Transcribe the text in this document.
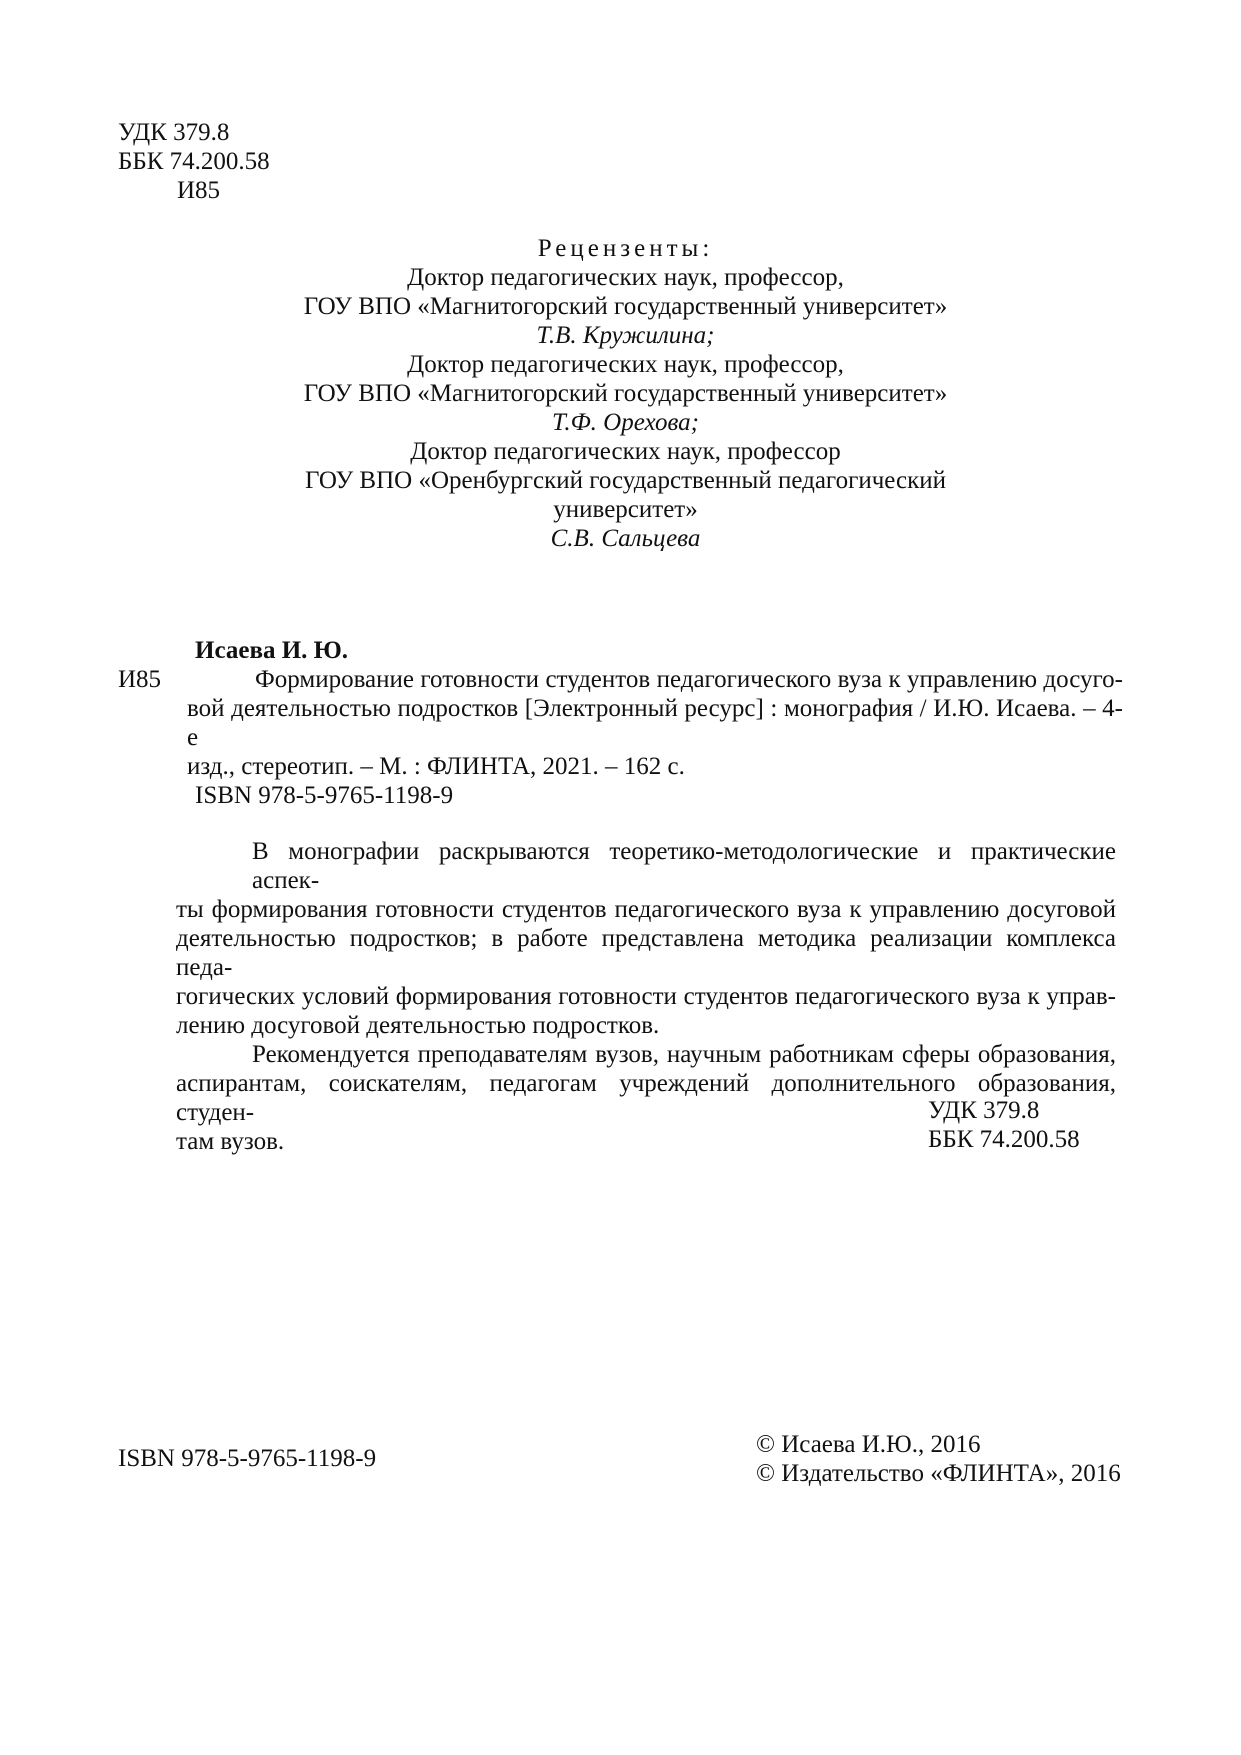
УДК 379.8
ББК 74.200.58
И85
Рецензенты:
Доктор педагогических наук, профессор,
ГОУ ВПО «Магнитогорский государственный университет»
Т.В. Кружилина;
Доктор педагогических наук, профессор,
ГОУ ВПО «Магнитогорский государственный университет»
Т.Ф. Орехова;
Доктор педагогических наук, профессор
ГОУ ВПО «Оренбургский государственный педагогический
университет»
С.В. Сальцева
Исаева И. Ю.
И85	Формирование готовности студентов педагогического вуза к управлению досуго-
вой деятельностью подростков [Электронный ресурс] : монография / И.Ю. Исаева. – 4-е
изд., стереотип. – М. : ФЛИНТА, 2021. – 162 с.
ISBN 978-5-9765-1198-9
В монографии раскрываются теоретико-методологические и практические аспек-
ты формирования готовности студентов педагогического вуза к управлению досуговой
деятельностью подростков; в работе представлена методика реализации комплекса педа-
гогических условий формирования готовности студентов педагогического вуза к управ-
лению досуговой деятельностью подростков.
Рекомендуется преподавателям вузов, научным работникам сферы образования,
аспирантам, соискателям, педагогам учреждений дополнительного образования, студен-
там вузов.
УДК 379.8
ББК 74.200.58
ISBN 978-5-9765-1198-9
© Исаева И.Ю., 2016
© Издательство «ФЛИНТА», 2016
